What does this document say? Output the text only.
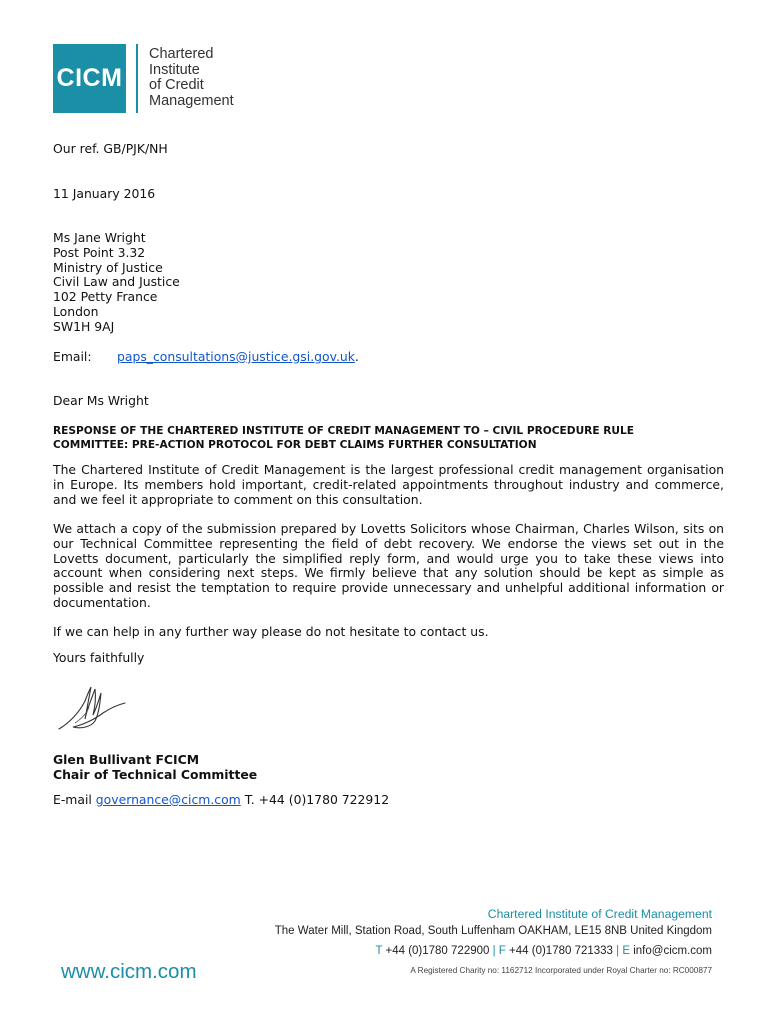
CICM
Chartered
Institute
of Credit
Management
Our ref. GB/PJK/NH
11 January 2016
Ms Jane Wright
Post Point 3.32
Ministry of Justice
Civil Law and Justice
102 Petty France
London
SW1H 9AJ
Email: paps_consultations@justice.gsi.gov.uk.
Dear Ms Wright
RESPONSE OF THE CHARTERED INSTITUTE OF CREDIT MANAGEMENT TO – CIVIL PROCEDURE RULE
COMMITTEE: PRE-ACTION PROTOCOL FOR DEBT CLAIMS FURTHER CONSULTATION
The Chartered Institute of Credit Management is the largest professional credit management organisation in Europe. Its members hold important, credit-related appointments throughout industry and commerce, and we feel it appropriate to comment on this consultation.
We attach a copy of the submission prepared by Lovetts Solicitors whose Chairman, Charles Wilson, sits on our Technical Committee representing the field of debt recovery. We endorse the views set out in the Lovetts document, particularly the simplified reply form, and would urge you to take these views into account when considering next steps. We firmly believe that any solution should be kept as simple as possible and resist the temptation to require provide unnecessary and unhelpful additional information or documentation.
If we can help in any further way please do not hesitate to contact us.
Yours faithfully
Glen Bullivant FCICM
Chair of Technical Committee
E-mail governance@cicm.com T. +44 (0)1780 722912
Chartered Institute of Credit Management
The Water Mill, Station Road, South Luffenham OAKHAM, LE15 8NB United Kingdom
T +44 (0)1780 722900 | F +44 (0)1780 721333 | E info@cicm.com
A Registered Charity no: 1162712 Incorporated under Royal Charter no: RC000877
www.cicm.com
